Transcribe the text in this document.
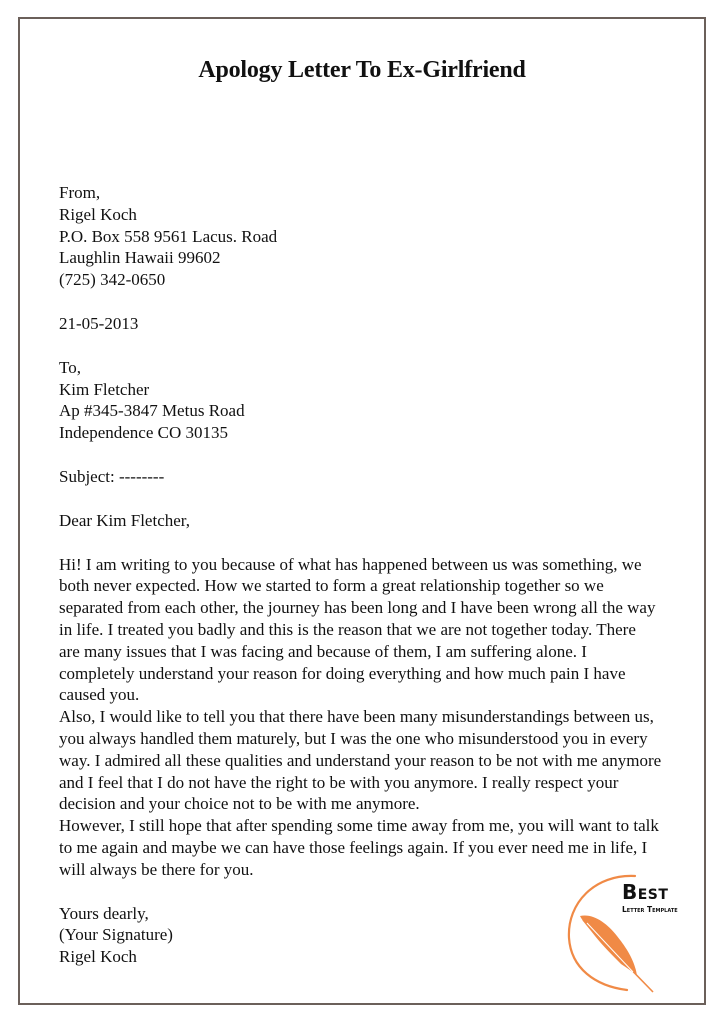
Apology Letter To Ex-Girlfriend
From,
Rigel Koch
P.O. Box 558 9561 Lacus. Road
Laughlin Hawaii 99602
(725) 342-0650
21-05-2013
To,
Kim Fletcher
Ap #345-3847 Metus Road
Independence CO 30135
Subject: --------
Dear Kim Fletcher,
Hi! I am writing to you because of what has happened between us was something, we
both never expected. How we started to form a great relationship together so we
separated from each other, the journey has been long and I have been wrong all the way
in life. I treated you badly and this is the reason that we are not together today. There
are many issues that I was facing and because of them, I am suffering alone. I
completely understand your reason for doing everything and how much pain I have
caused you.
Also, I would like to tell you that there have been many misunderstandings between us,
you always handled them maturely, but I was the one who misunderstood you in every
way. I admired all these qualities and understand your reason to be not with me anymore
and I feel that I do not have the right to be with you anymore. I really respect your
decision and your choice not to be with me anymore.
However, I still hope that after spending some time away from me, you will want to talk
to me again and maybe we can have those feelings again. If you ever need me in life, I
will always be there for you.
Yours dearly,
(Your Signature)
Rigel Koch
Best
Letter Template
